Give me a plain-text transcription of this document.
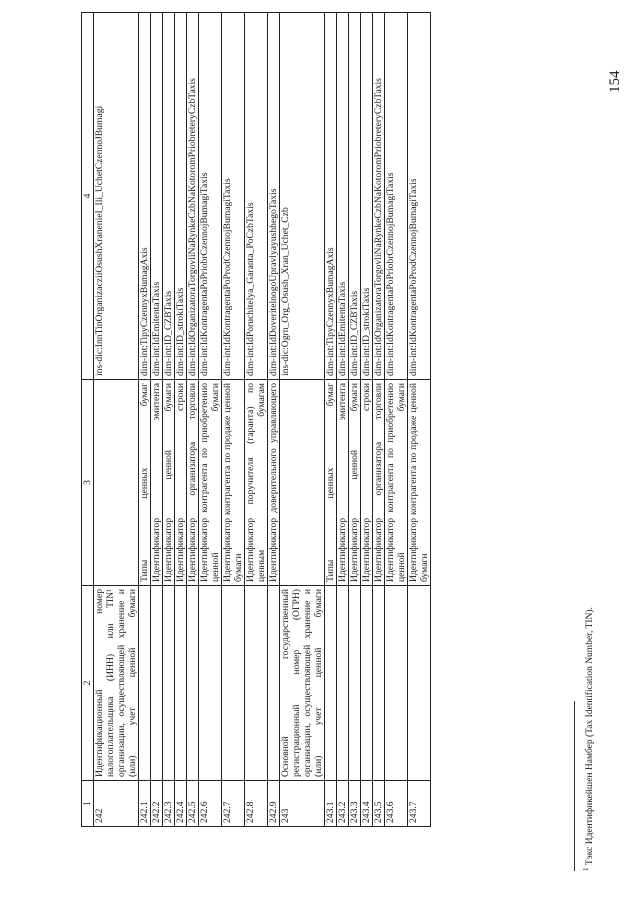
154
1	2	3	4
242	Идентификационный номер налогоплательщика (ИНН) или TIN¹ организации, осуществляющей хранение и (или) учет ценной бумаги		ins-dic:InnTinOrganizacziiOsushXranenieI_Ili_UchetCzennoJBumagi
242.1		Типы ценных бумаг	dim-int:TipyCzennyxBumagAxis
242.2		Идентификатор эмитента	dim-int:IdEmitentaTaxis
242.3		Идентификатор ценной бумаги	dim-int:ID_CZBTaxis
242.4		Идентификатор строки	dim-int:ID_strokiTaxis
242.5		Идентификатор организатора торговли	dim-int:IdOrganizatoraTorgovliNaRynkeCzbNaKotoromPriobreteryCzbTaxis
242.6		Идентификатор контрагента по приобретению ценной бумаги	dim-int:IdKontragentaPoPriobrCzennojBumagiTaxis
242.7		Идентификатор контрагента по продаже ценной бумаги	dim-int:IdKontragentaPoProdCzennojBumagiTaxis
242.8		Идентификатор поручителя (гаранта) по ценным бумагам	dim-int:IdPoruchitelya_Garanta_PoCzbTaxis
242.9		Идентификатор доверительного управляющего	dim-int:IdDoveritelnogoUpravlyayushhegoTaxis
243	Основной государственный регистрационный номер (ОГРН) организации, осуществляющей хранение и (или) учет ценной бумаги		ins-dic:Ogrn_Org_Osush_Xran_Uchet_Czb
243.1		Типы ценных бумаг	dim-int:TipyCzennyxBumagAxis
243.2		Идентификатор эмитента	dim-int:IdEmitentaTaxis
243.3		Идентификатор ценной бумаги	dim-int:ID_CZBTaxis
243.4		Идентификатор строки	dim-int:ID_strokiTaxis
243.5		Идентификатор организатора торговли	dim-int:IdOrganizatoraTorgovliNaRynkeCzbNaKotoromPriobreteryCzbTaxis
243.6		Идентификатор контрагента по приобретению ценной бумаги	dim-int:IdKontragentaPoPriobrCzennojBumagiTaxis
243.7		Идентификатор контрагента по продаже ценной бумаги	dim-int:IdKontragentaPoProdCzennojBumagiTaxis
$^1$ Тэкс Идентификейшен Намбер (Tax Identification Number, TIN).
